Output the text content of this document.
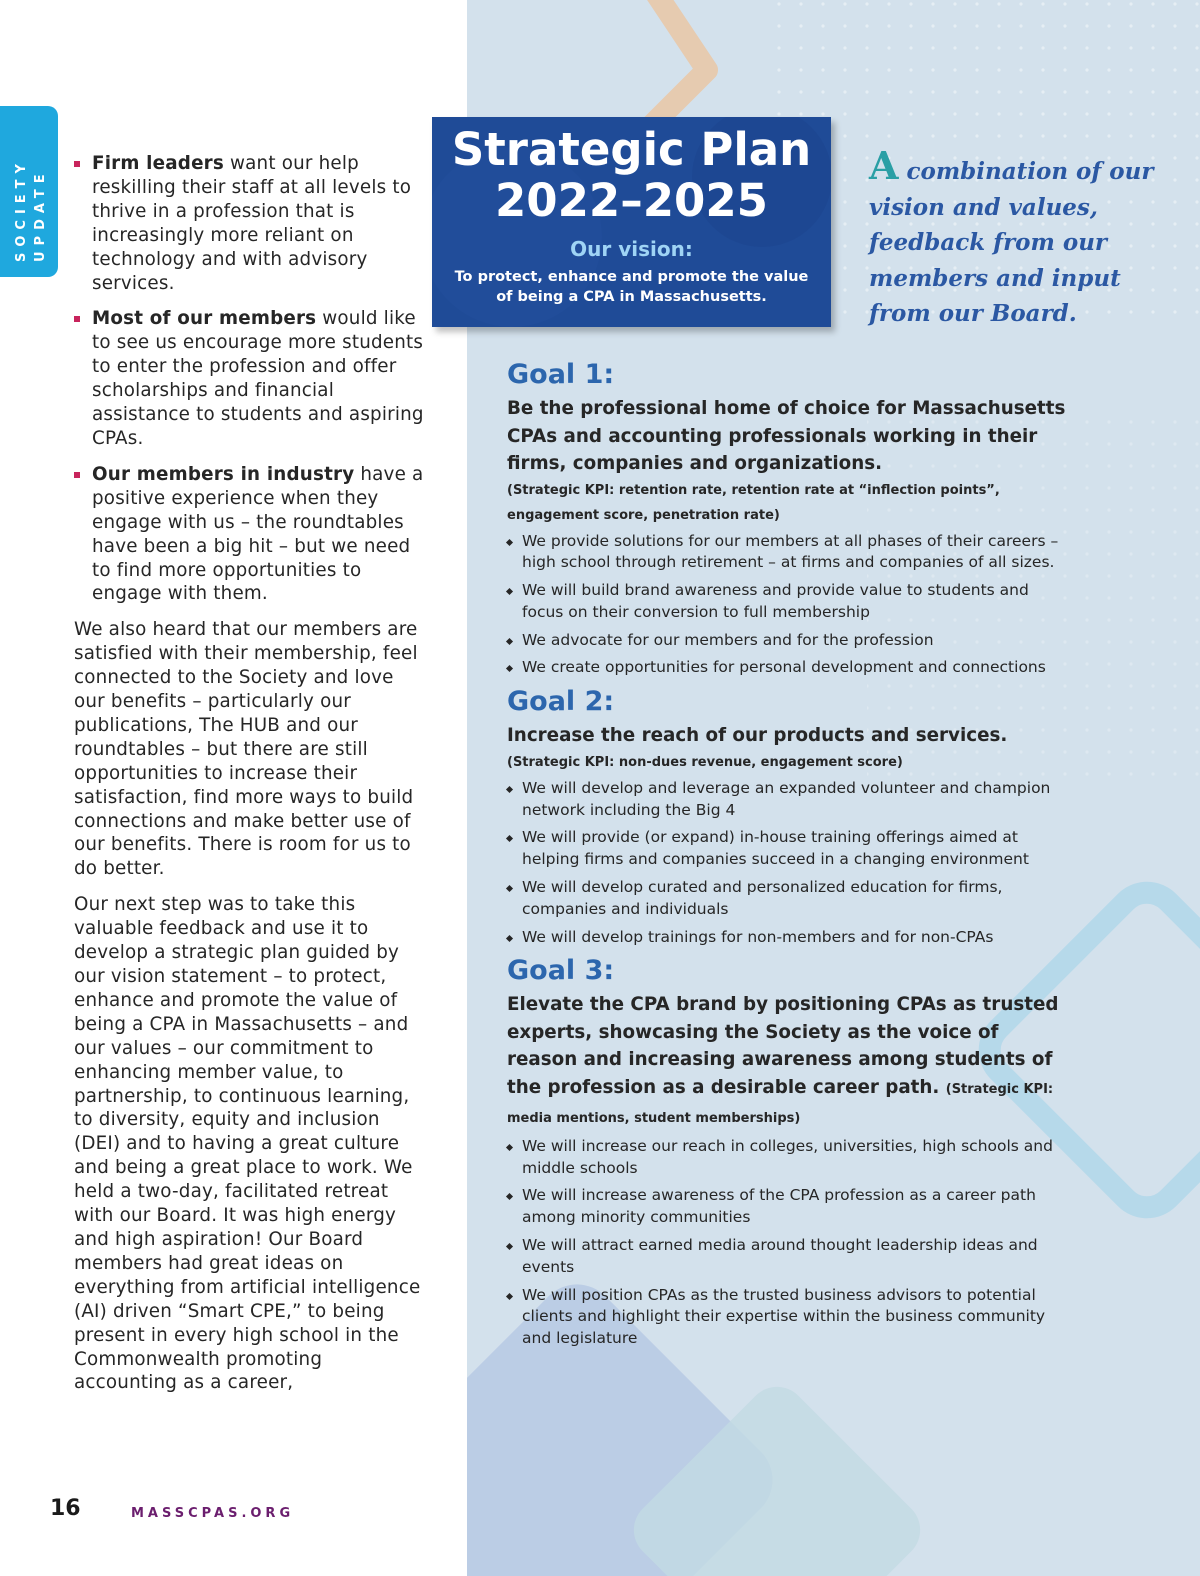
SOCIETY UPDATE
Firm leaders want our help reskilling their staff at all levels to thrive in a profession that is increasingly more reliant on technology and with advisory services.
Most of our members would like to see us encourage more students to enter the profession and offer scholarships and financial assistance to students and aspiring CPAs.
Our members in industry have a positive experience when they engage with us – the roundtables have been a big hit – but we need to find more opportunities to engage with them.

We also heard that our members are satisfied with their membership, feel connected to the Society and love our benefits – particularly our publications, The HUB and our roundtables – but there are still opportunities to increase their satisfaction, find more ways to build connections and make better use of our benefits. There is room for us to do better.

Our next step was to take this valuable feedback and use it to develop a strategic plan guided by our vision statement – to protect, enhance and promote the value of being a CPA in Massachusetts – and our values – our commitment to enhancing member value, to partnership, to continuous learning, to diversity, equity and inclusion (DEI) and to having a great culture and being a great place to work. We held a two-day, facilitated retreat with our Board. It was high energy and high aspiration! Our Board members had great ideas on everything from artificial intelligence (AI) driven “Smart CPE,” to being present in every high school in the Commonwealth promoting accounting as a career,

Strategic Plan
2022–2025
Our vision:
To protect, enhance and promote the value
of being a CPA in Massachusetts.
A combination of our vision and values, feedback from our members and input from our Board.
Goal 1:
Be the professional home of choice for Massachusetts CPAs and accounting professionals working in their firms, companies and organizations.
(Strategic KPI: retention rate, retention rate at “inflection points”, engagement score, penetration rate)
We provide solutions for our members at all phases of their careers – high school through retirement – at firms and companies of all sizes.
We will build brand awareness and provide value to students and focus on their conversion to full membership
We advocate for our members and for the profession
We create opportunities for personal development and connections
Goal 2:
Increase the reach of our products and services.
(Strategic KPI: non-dues revenue, engagement score)
We will develop and leverage an expanded volunteer and champion network including the Big 4
We will provide (or expand) in-house training offerings aimed at helping firms and companies succeed in a changing environment
We will develop curated and personalized education for firms, companies and individuals
We will develop trainings for non-members and for non-CPAs
Goal 3:
Elevate the CPA brand by positioning CPAs as trusted experts, showcasing the Society as the voice of reason and increasing awareness among students of the profession as a desirable career path. (Strategic KPI: media mentions, student memberships)
We will increase our reach in colleges, universities, high schools and middle schools
We will increase awareness of the CPA profession as a career path among minority communities
We will attract earned media around thought leadership ideas and events
We will position CPAs as the trusted business advisors to potential clients and highlight their expertise within the business community and legislature
16	MASSCPAS.ORG
